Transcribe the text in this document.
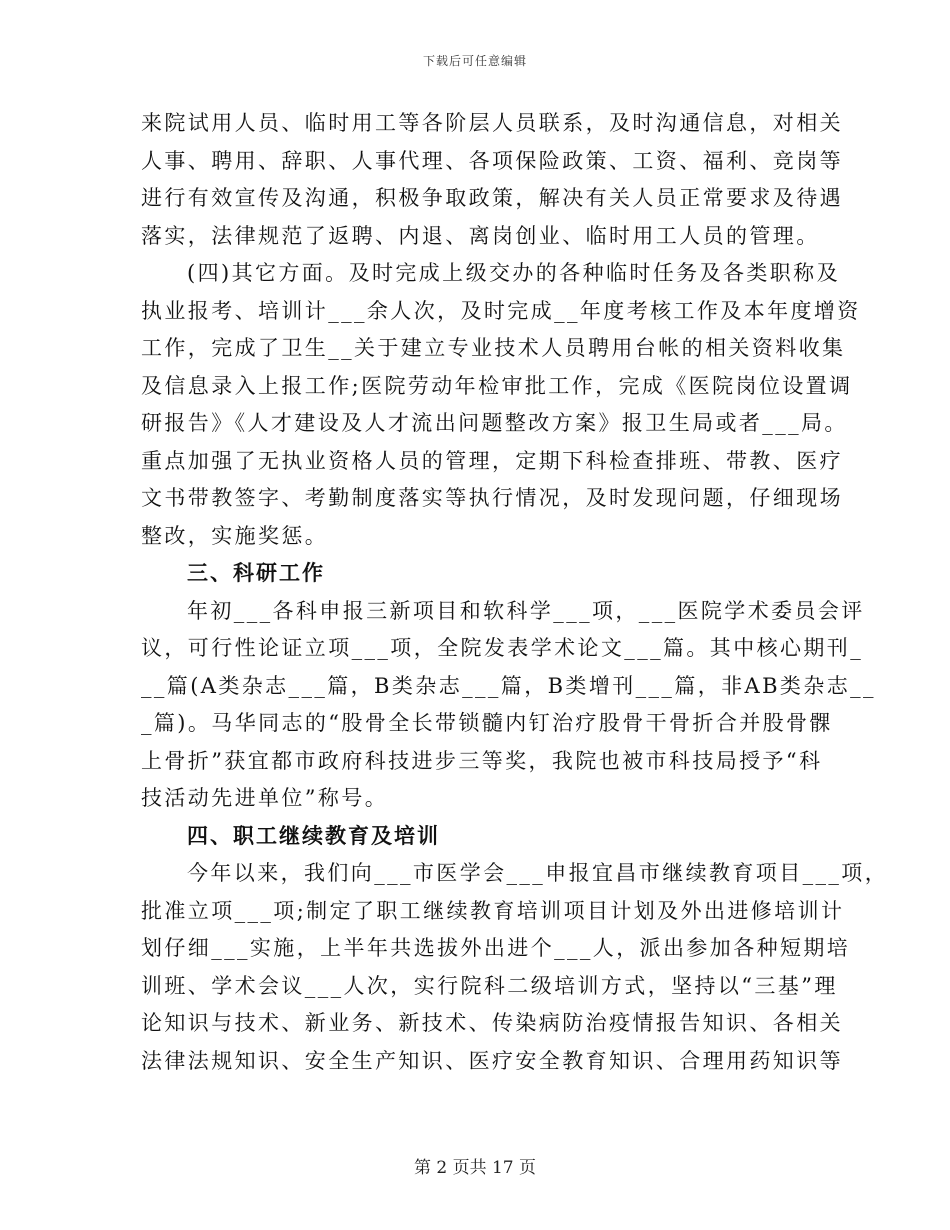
下载后可任意编辑
来院试用人员、临时用工等各阶层人员联系，及时沟通信息，对相关
人事、聘用、辞职、人事代理、各项保险政策、工资、福利、竞岗等
进行有效宣传及沟通，积极争取政策，解决有关人员正常要求及待遇
落实，法律规范了返聘、内退、离岗创业、临时用工人员的管理。
(四)其它方面。及时完成上级交办的各种临时任务及各类职称及
执业报考、培训计___余人次，及时完成__年度考核工作及本年度增资
工作，完成了卫生__关于建立专业技术人员聘用台帐的相关资料收集
及信息录入上报工作;医院劳动年检审批工作，完成《医院岗位设置调
研报告》《人才建设及人才流出问题整改方案》报卫生局或者___局。
重点加强了无执业资格人员的管理，定期下科检查排班、带教、医疗
文书带教签字、考勤制度落实等执行情况，及时发现问题，仔细现场
整改，实施奖惩。
三、科研工作
年初___各科申报三新项目和软科学___项，___医院学术委员会评
议，可行性论证立项___项，全院发表学术论文___篇。其中核心期刊_
__篇(A类杂志___篇，B类杂志___篇，B类增刊___篇，非AB类杂志__
_篇)。马华同志的“股骨全长带锁髓内钉治疗股骨干骨折合并股骨髁
上骨折”获宜都市政府科技进步三等奖，我院也被市科技局授予“科
技活动先进单位”称号。
四、职工继续教育及培训
今年以来，我们向___市医学会___申报宜昌市继续教育项目___项，
批准立项___项;制定了职工继续教育培训项目计划及外出进修培训计
划仔细___实施，上半年共选拔外出进个___人，派出参加各种短期培
训班、学术会议___人次，实行院科二级培训方式，坚持以“三基”理
论知识与技术、新业务、新技术、传染病防治疫情报告知识、各相关
法律法规知识、安全生产知识、医疗安全教育知识、合理用药知识等
第 2 页共 17 页
